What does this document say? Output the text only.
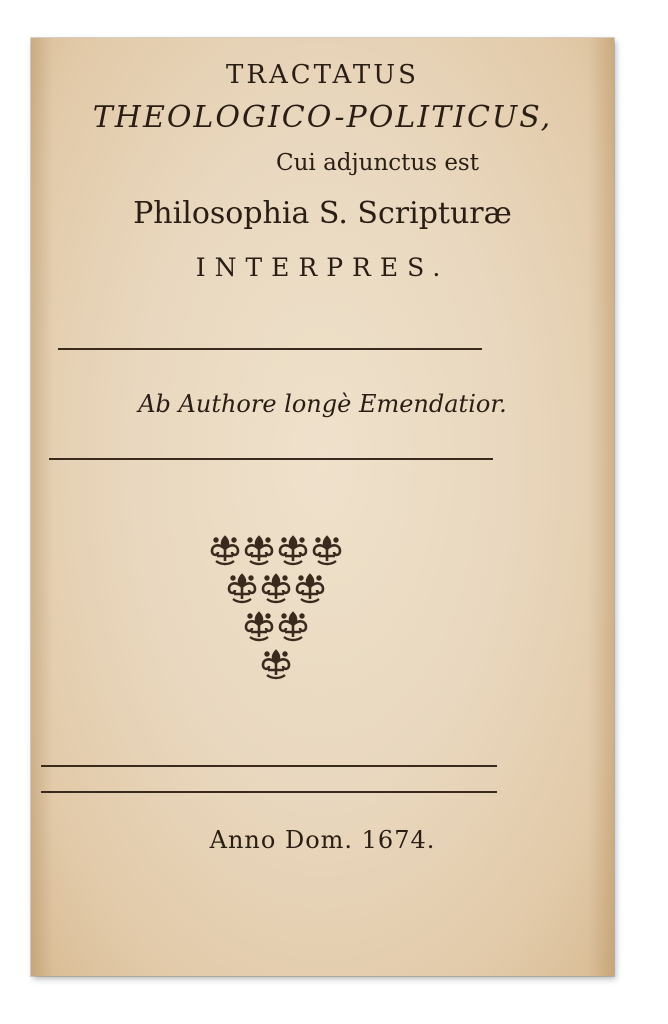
TRACTATUS
THEOLOGICO-POLITICUS,
Cui adjunctus est
Philosophia S. Scripturæ
INTERPRES.
Ab Authore longè Emendatior.
Anno Dom. 1674.
